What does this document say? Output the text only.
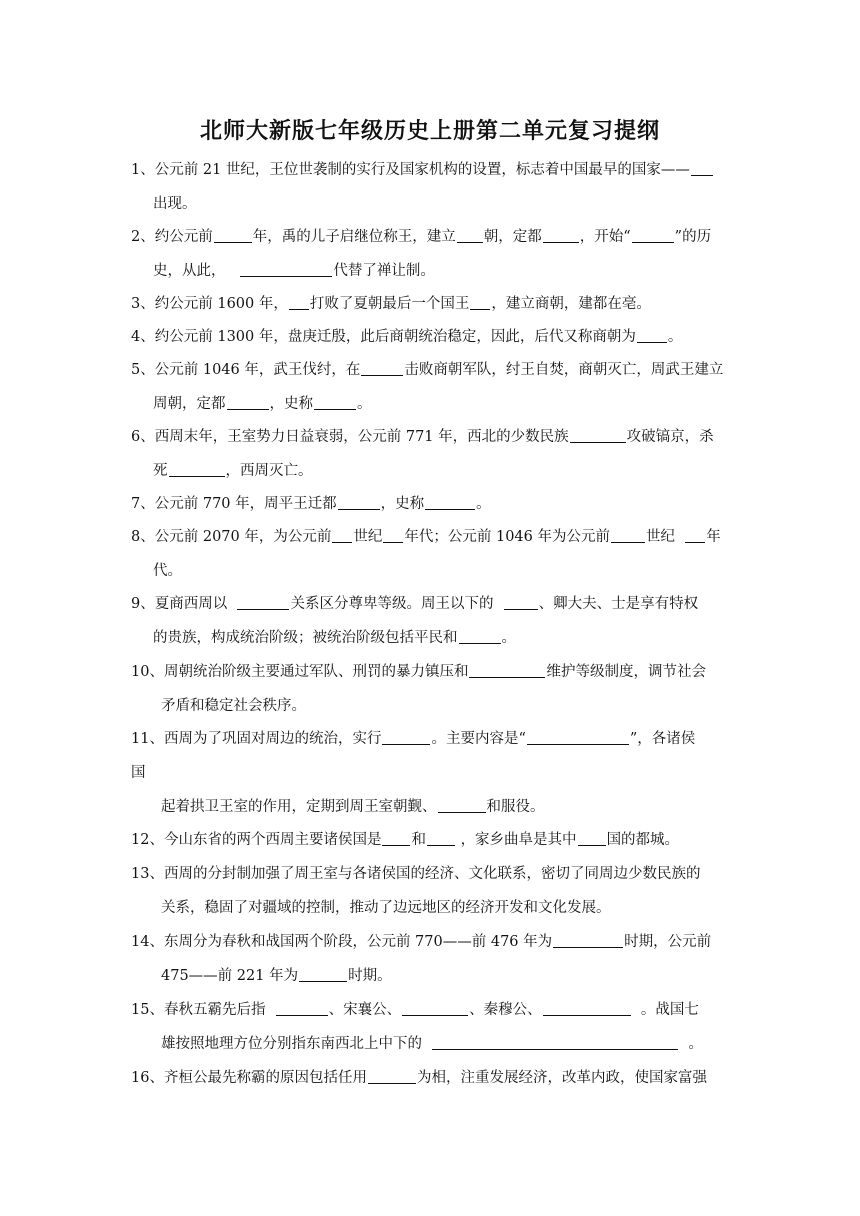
北师大新版七年级历史上册第二单元复习提纲
1、公元前 21 世纪，王位世袭制的实行及国家机构的设置，标志着中国最早的国家——
出现。
2、约公元前	年，禹的儿子启继位称王，建立 朝，定都	，开始“	”的历
史，从此，	代替了禅让制。
3、约公元前 1600 年， 打败了夏朝最后一个国王 ，建立商朝，建都在亳。
4、约公元前 1300 年，盘庚迁殷，此后商朝统治稳定，因此，后代又称商朝为 。
5、公元前 1046 年，武王伐纣，在	击败商朝军队，纣王自焚，商朝灭亡，周武王建立
周朝，定都	，史称	。
6、西周末年，王室势力日益衰弱，公元前 771 年，西北的少数民族	攻破镐京，杀
死	，西周灭亡。
7、公元前 770 年，周平王迁都	，史称	。
8、公元前 2070 年，为公元前 世纪 年代；公元前 1046 年为公元前 世纪 年
代。
9、夏商西周以	关系区分尊卑等级。周王以下的	、卿大夫、士是享有特权
的贵族，构成统治阶级；被统治阶级包括平民和	。
10、周朝统治阶级主要通过军队、刑罚的暴力镇压和	维护等级制度，调节社会
矛盾和稳定社会秩序。
11、西周为了巩固对周边的统治，实行	。主要内容是“	”，各诸侯
国
起着拱卫王室的作用，定期到周王室朝觐、	和服役。
12、今山东省的两个西周主要诸侯国是 和 ，家乡曲阜是其中 国的都城。
13、西周的分封制加强了周王室与各诸侯国的经济、文化联系，密切了同周边少数民族的
关系，稳固了对疆域的控制，推动了边远地区的经济开发和文化发展。
14、东周分为春秋和战国两个阶段，公元前 770——前 476 年为	时期，公元前
475——前 221 年为	时期。
15、春秋五霸先后指	、宋襄公、	、秦穆公、	。战国七
雄按照地理方位分别指东南西北上中下的	。
16、齐桓公最先称霸的原因包括任用	为相，注重发展经济，改革内政，使国家富强
